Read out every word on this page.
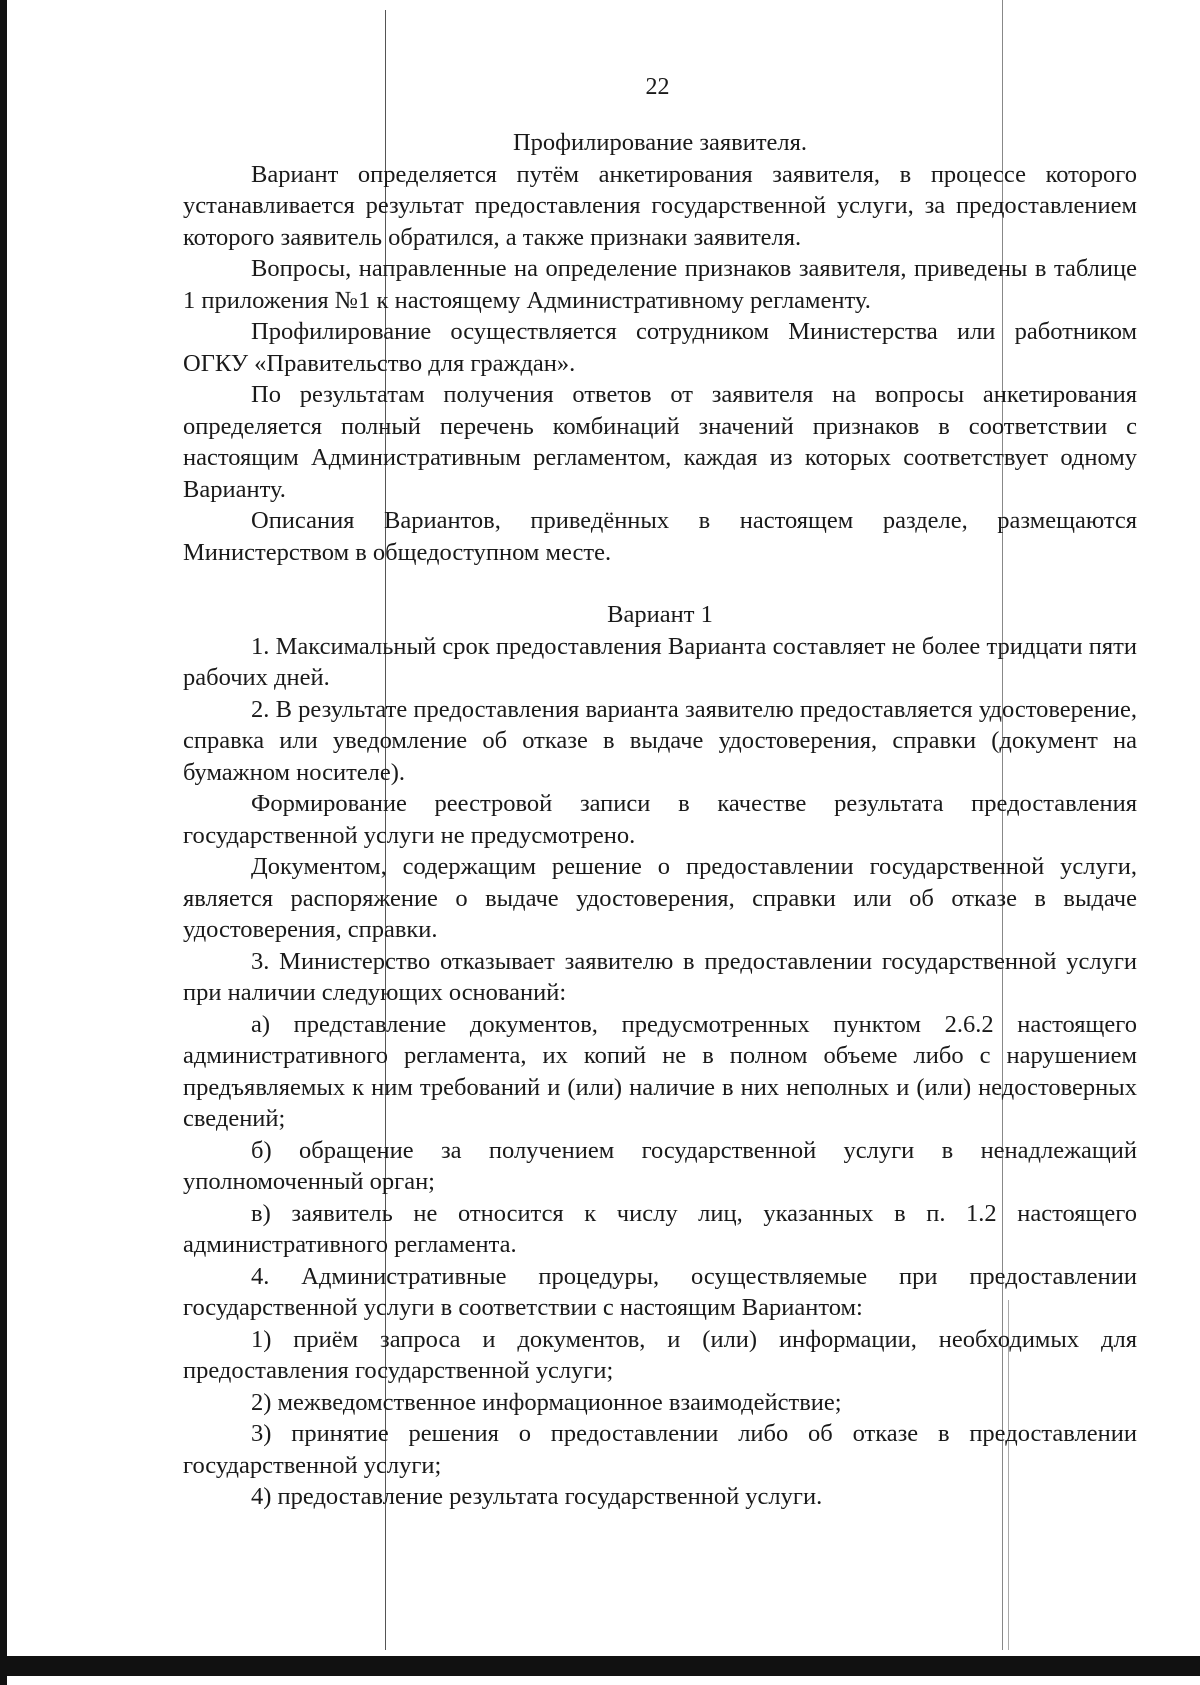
22
Профилирование заявителя.

Вариант определяется путём анкетирования заявителя, в процессе которого устанавливается результат предоставления государственной услуги, за предоставлением которого заявитель обратился, а также признаки заявителя.

Вопросы, направленные на определение признаков заявителя, приведены в таблице 1 приложения №1 к настоящему Административному регламенту.

Профилирование осуществляется сотрудником Министерства или работником ОГКУ «Правительство для граждан».

По результатам получения ответов от заявителя на вопросы анкетирования определяется полный перечень комбинаций значений признаков в соответствии с настоящим Административным регламентом, каждая из которых соответствует одному Варианту.

Описания Вариантов, приведённых в настоящем разделе, размещаются Министерством в общедоступном месте.

Вариант 1

1. Максимальный срок предоставления Варианта составляет не более тридцати пяти рабочих дней.

2. В результате предоставления варианта заявителю предоставляется удостоверение, справка или уведомление об отказе в выдаче удостоверения, справки (документ на бумажном носителе).

Формирование реестровой записи в качестве результата предоставления государственной услуги не предусмотрено.

Документом, содержащим решение о предоставлении государственной услуги, является распоряжение о выдаче удостоверения, справки или об отказе в выдаче удостоверения, справки.

3. Министерство отказывает заявителю в предоставлении государственной услуги при наличии следующих оснований:

а) представление документов, предусмотренных пунктом 2.6.2 настоящего административного регламента, их копий не в полном объеме либо с нарушением предъявляемых к ним требований и (или) наличие в них неполных и (или) недостоверных сведений;

б) обращение за получением государственной услуги в ненадлежащий уполномоченный орган;

в) заявитель не относится к числу лиц, указанных в п. 1.2 настоящего административного регламента.

4. Административные процедуры, осуществляемые при предоставлении государственной услуги в соответствии с настоящим Вариантом:

1) приём запроса и документов, и (или) информации, необходимых для предоставления государственной услуги;

2) межведомственное информационное взаимодействие;

3) принятие решения о предоставлении либо об отказе в предоставлении государственной услуги;

4) предоставление результата государственной услуги.
